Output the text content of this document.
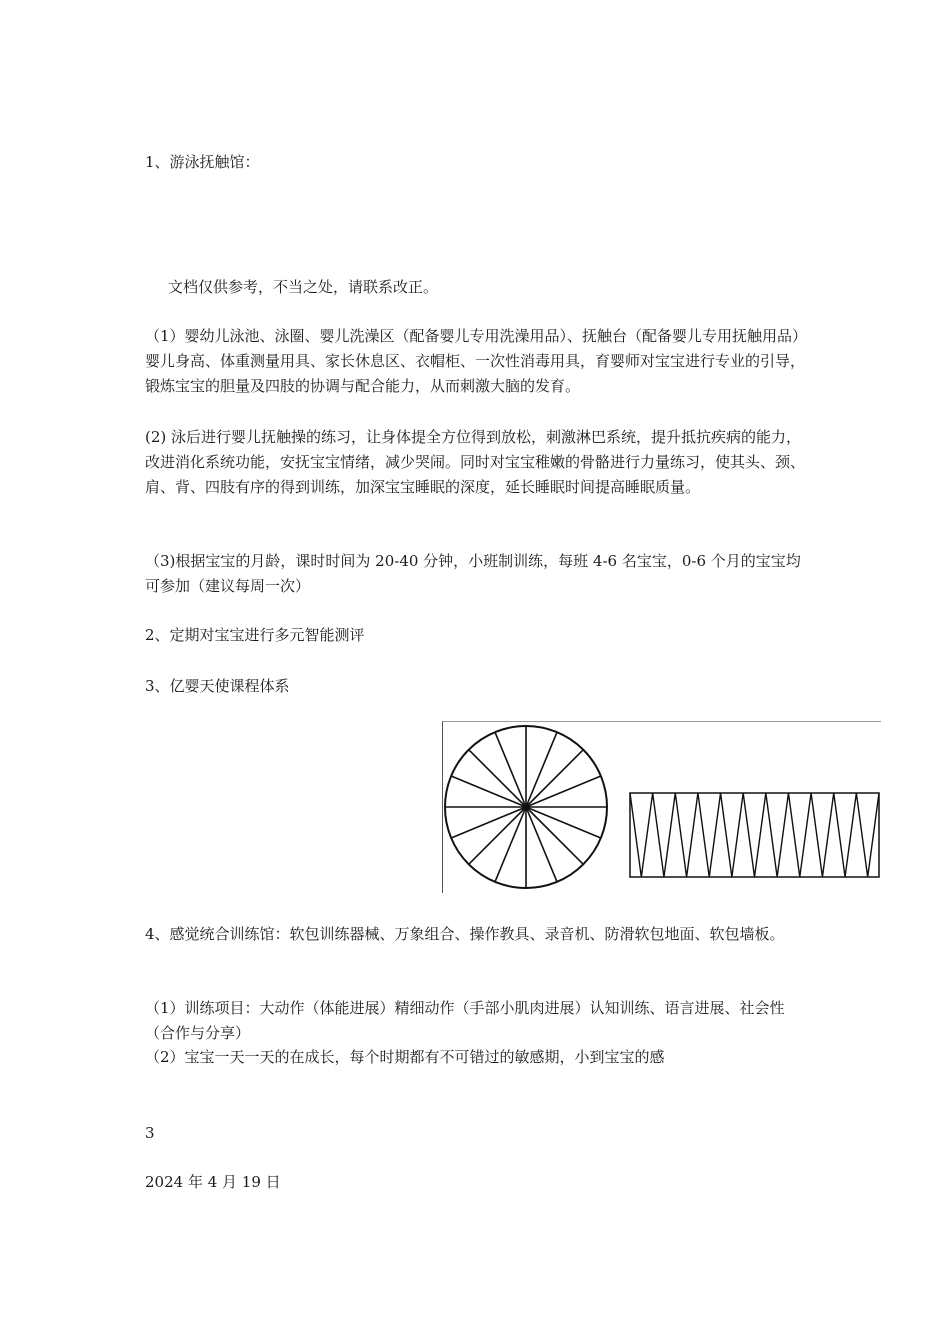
1、游泳抚触馆：

文档仅供参考，不当之处，请联系改正。

（1）婴幼儿泳池、泳圈、婴儿洗澡区（配备婴儿专用洗澡用品）、抚触台（配备婴儿专用抚触用品）婴儿身高、体重测量用具、家长休息区、衣帽柜、一次性消毒用具，育婴师对宝宝进行专业的引导，锻炼宝宝的胆量及四肢的协调与配合能力，从而刺激大脑的发育。

(2) 泳后进行婴儿抚触操的练习，让身体提全方位得到放松，刺激淋巴系统，提升抵抗疾病的能力，改进消化系统功能，安抚宝宝情绪，减少哭闹。同时对宝宝稚嫩的骨骼进行力量练习，使其头、颈、肩、背、四肢有序的得到训练，加深宝宝睡眠的深度，延长睡眠时间提高睡眠质量。

（3)根据宝宝的月龄，课时时间为 20-40 分钟，小班制训练，每班 4-6 名宝宝，0-6 个月的宝宝均可参加（建议每周一次）

2、定期对宝宝进行多元智能测评

3、亿婴天使课程体系

4、感觉统合训练馆：软包训练器械、万象组合、操作教具、录音机、防滑软包地面、软包墙板。

（1）训练项目：大动作（体能进展）精细动作（手部小肌肉进展）认知训练、语言进展、社会性（合作与分享）

（2）宝宝一天一天的在成长，每个时期都有不可错过的敏感期，小到宝宝的感

3

2024 年 4 月 19 日
